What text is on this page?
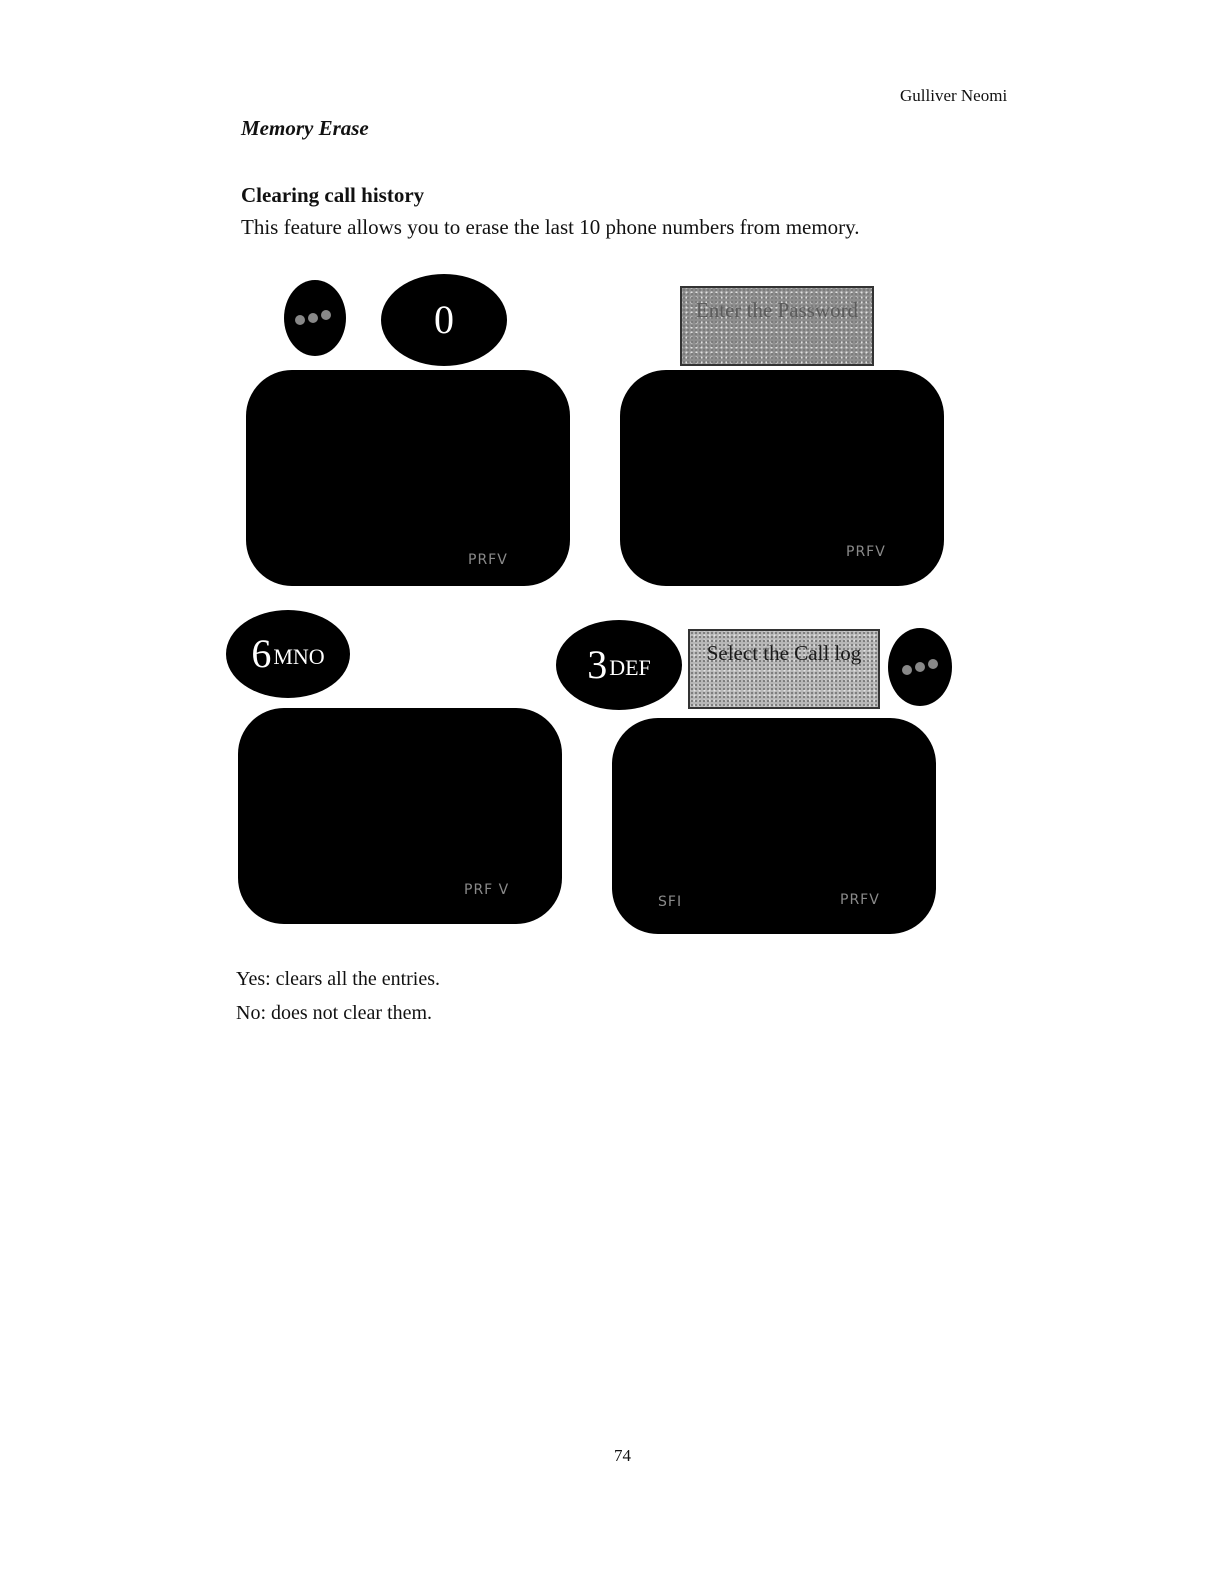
Gulliver Neomi
Memory Erase
Clearing call history
This feature allows you to erase the last 10 phone numbers from memory.
0
PRFV
Enter the Password
PRFV
6 MNO
PRF V
3 DEF
Select the Call log
SFI	PRFV
Yes: clears all the entries.
No: does not clear them.
74
